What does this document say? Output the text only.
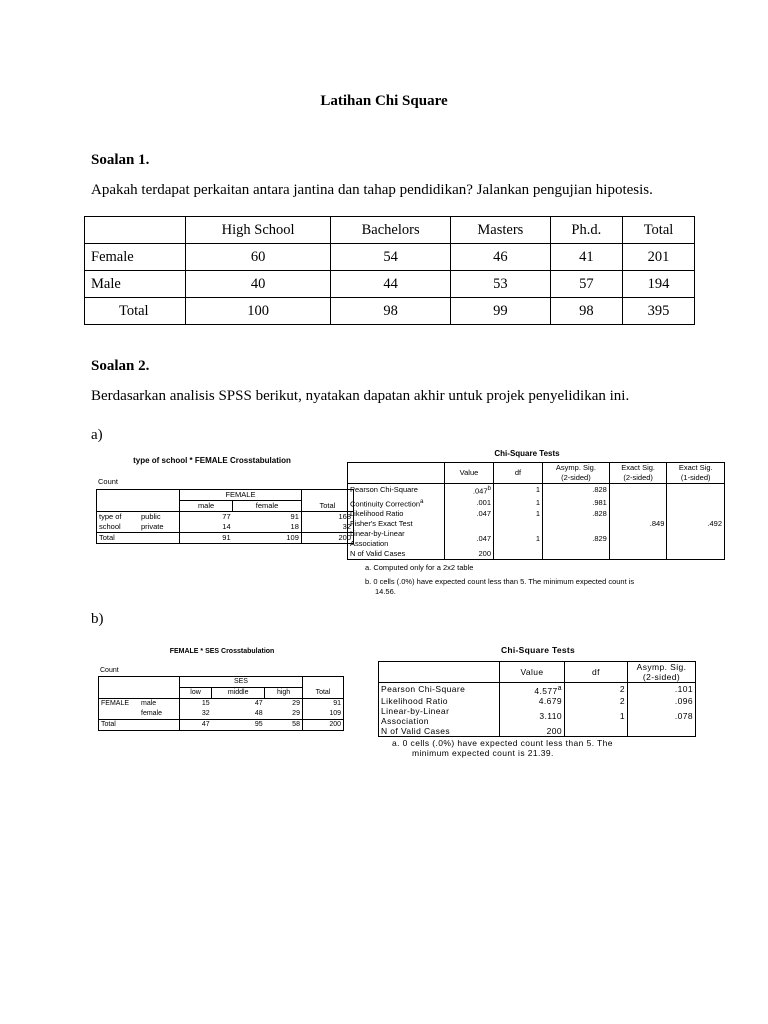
Latihan Chi Square
Soalan 1.
Apakah terdapat perkaitan antara jantina dan tahap pendidikan? Jalankan pengujian hipotesis.
	High School	Bachelors	Masters	Ph.d.	Total
Female	60	54	46	41	201
Male	40	44	53	57	194
Total	100	98	99	98	395
Soalan 2.
Berdasarkan analisis SPSS berikut, nyatakan dapatan akhir untuk projek penyelidikan ini.
a)
type of school * FEMALE Crosstabulation
Count
		FEMALE		
		male	female	Total
type of	public	77	91	168
school	private	14	18	32
Total		91	109	200
Chi-Square Tests
	Value	df	Asymp. Sig.	Exact Sig.	Exact Sig.
			(2-sided)	(2-sided)	(1-sided)
Pearson Chi-Square	.047$^b$	1	.828		
Continuity Correction$^a$	.001	1	.981		
Likelihood Ratio	.047	1	.828		
Fisher's Exact Test				.849	.492
Linear-by-Linear	.047	1	.829		
Association					
N of Valid Cases	200				
a. Computed only for a 2x2 table
b. 0 cells (.0%) have expected count less than 5. The minimum expected count is
14.56.
b)
FEMALE * SES Crosstabulation
Count
		SES			
		low	middle	high	Total
FEMALE	male	15	47	29	91
	female	32	48	29	109
Total		47	95	58	200
Chi-Square Tests
	Value	df	Asymp. Sig.
			(2-sided)
Pearson Chi-Square	4.577$^a$	2	.101
Likelihood Ratio	4.679	2	.096
Linear-by-Linear	3.110	1	.078
Association			
N of Valid Cases	200		
a. 0 cells (.0%) have expected count less than 5. The
minimum expected count is 21.39.
